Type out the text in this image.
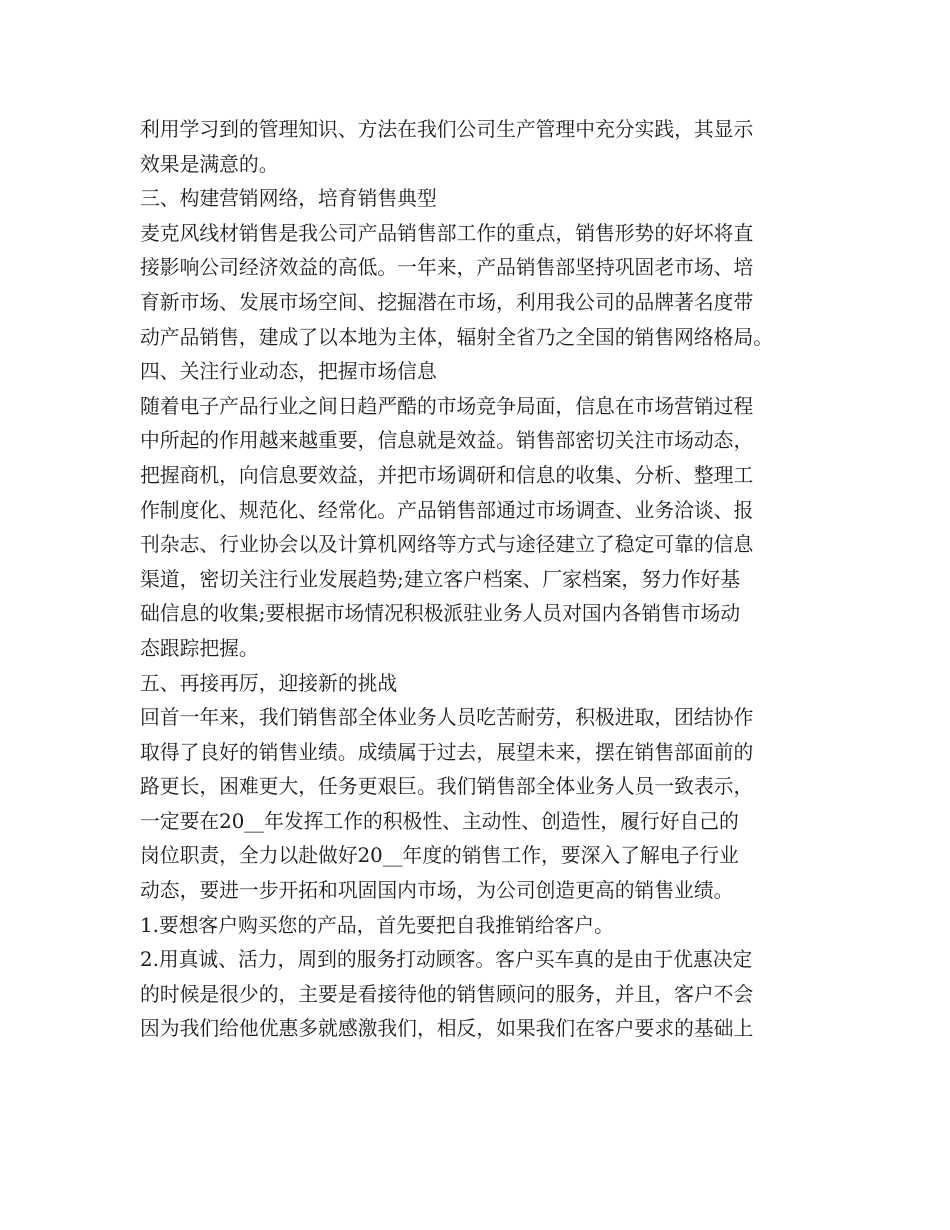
利用学习到的管理知识、方法在我们公司生产管理中充分实践，其显示
效果是满意的。
三、构建营销网络，培育销售典型
麦克风线材销售是我公司产品销售部工作的重点，销售形势的好坏将直
接影响公司经济效益的高低。一年来，产品销售部坚持巩固老市场、培
育新市场、发展市场空间、挖掘潜在市场，利用我公司的品牌著名度带
动产品销售，建成了以本地为主体，辐射全省乃之全国的销售网络格局。
四、关注行业动态，把握市场信息
随着电子产品行业之间日趋严酷的市场竞争局面，信息在市场营销过程
中所起的作用越来越重要，信息就是效益。销售部密切关注市场动态，
把握商机，向信息要效益，并把市场调研和信息的收集、分析、整理工
作制度化、规范化、经常化。产品销售部通过市场调查、业务洽谈、报
刊杂志、行业协会以及计算机网络等方式与途径建立了稳定可靠的信息
渠道，密切关注行业发展趋势;建立客户档案、厂家档案，努力作好基
础信息的收集;要根据市场情况积极派驻业务人员对国内各销售市场动
态跟踪把握。
五、再接再厉，迎接新的挑战
回首一年来，我们销售部全体业务人员吃苦耐劳，积极进取，团结协作
取得了良好的销售业绩。成绩属于过去，展望未来，摆在销售部面前的
路更长，困难更大，任务更艰巨。我们销售部全体业务人员一致表示，
一定要在20__年发挥工作的积极性、主动性、创造性，履行好自己的
岗位职责，全力以赴做好20__年度的销售工作，要深入了解电子行业
动态，要进一步开拓和巩固国内市场，为公司创造更高的销售业绩。
1.要想客户购买您的产品，首先要把自我推销给客户。
2.用真诚、活力，周到的服务打动顾客。客户买车真的是由于优惠决定
的时候是很少的，主要是看接待他的销售顾问的服务，并且，客户不会
因为我们给他优惠多就感激我们，相反，如果我们在客户要求的基础上
